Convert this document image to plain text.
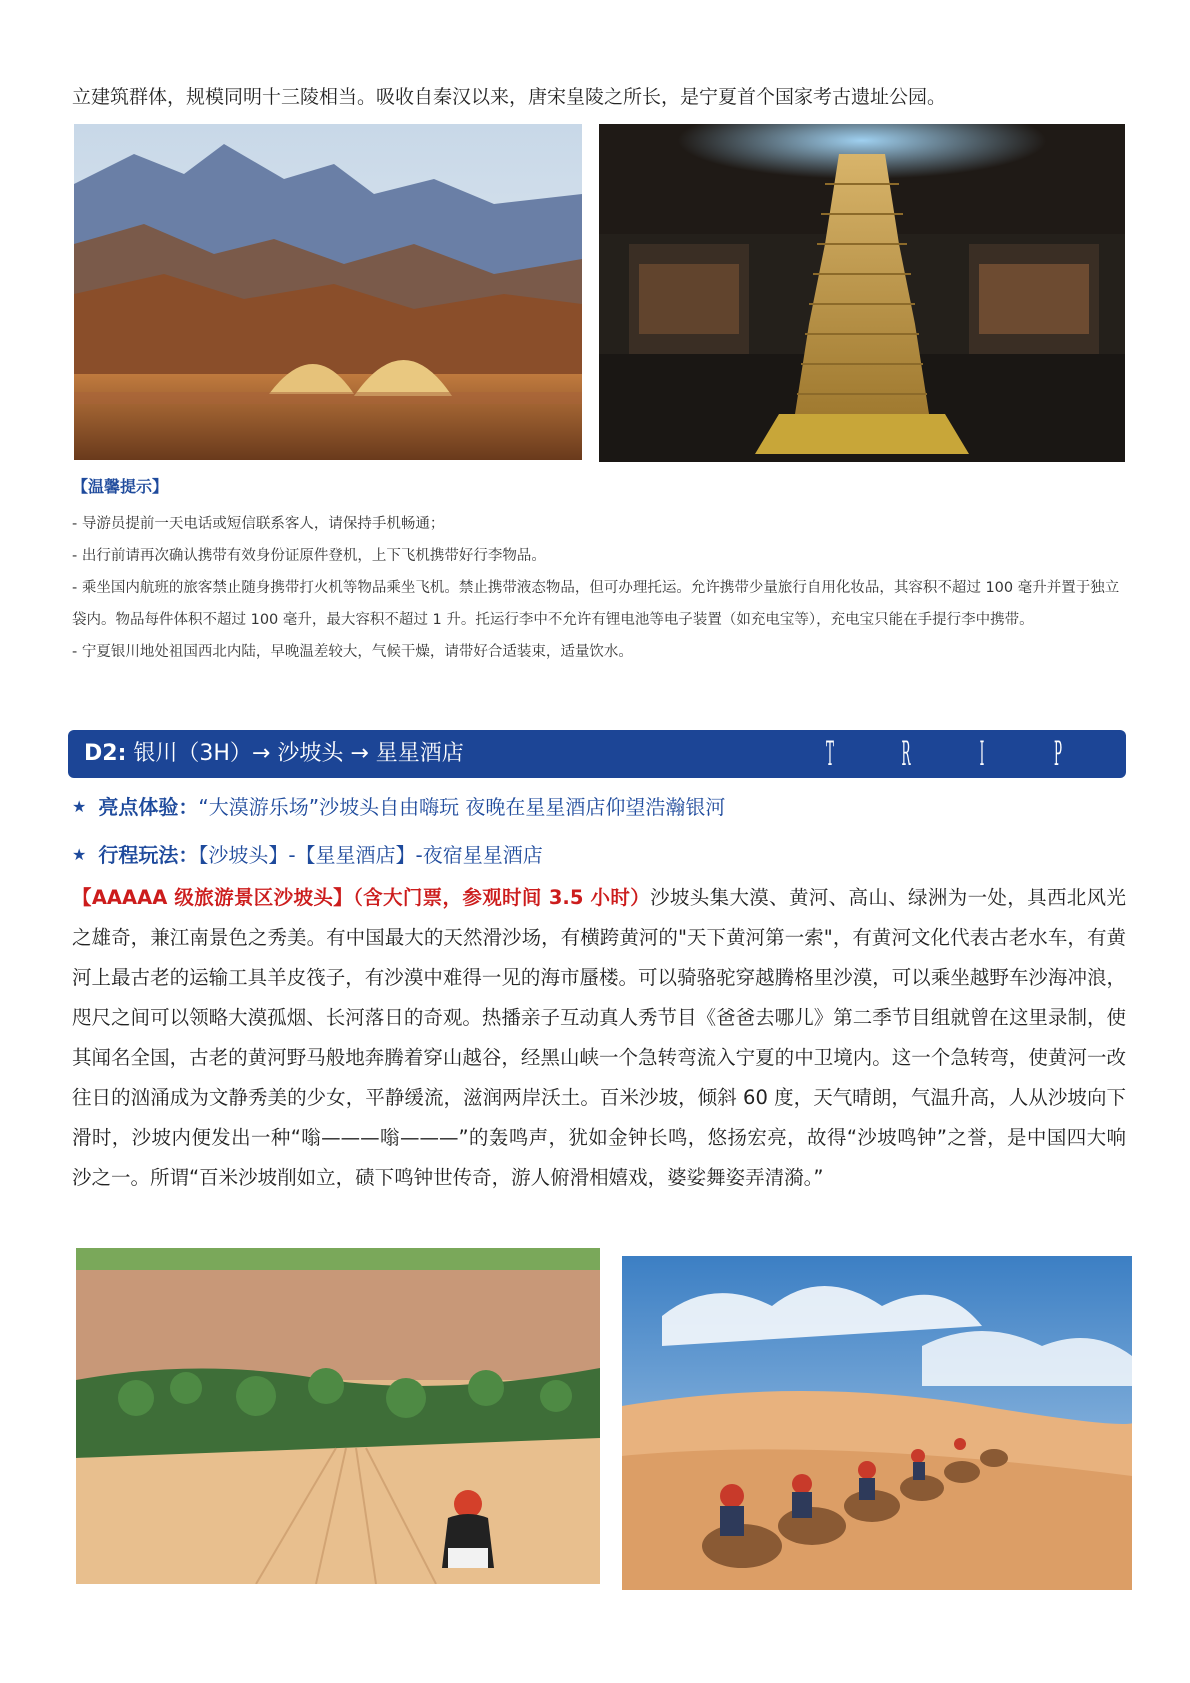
立建筑群体，规模同明十三陵相当。吸收自秦汉以来，唐宋皇陵之所长，是宁夏首个国家考古遗址公园。
【温馨提示】

- 导游员提前一天电话或短信联系客人，请保持手机畅通；

- 出行前请再次确认携带有效身份证原件登机，上下飞机携带好行李物品。

- 乘坐国内航班的旅客禁止随身携带打火机等物品乘坐飞机。禁止携带液态物品，但可办理托运。允许携带少量旅行自用化妆品，其容积不超过 100 毫升并置于独立袋内。物品每件体积不超过 100 毫升，最大容积不超过 1 升。托运行李中不允许有锂电池等电子装置（如充电宝等），充电宝只能在手提行李中携带。

- 宁夏银川地处祖国西北内陆，早晚温差较大，气候干燥，请带好合适装束，适量饮水。

D2: 银川（3H）→ 沙坡头 → 星星酒店	T R	I	P
★ 亮点体验：“大漠游乐场”沙坡头自由嗨玩 夜晚在星星酒店仰望浩瀚银河
★ 行程玩法：【沙坡头】-【星星酒店】-夜宿星星酒店
【AAAAA 级旅游景区沙坡头】（含大门票，参观时间 3.5 小时）沙坡头集大漠、黄河、高山、绿洲为一处，具西北风光之雄奇，兼江南景色之秀美。有中国最大的天然滑沙场，有横跨黄河的"天下黄河第一索"，有黄河文化代表古老水车，有黄河上最古老的运输工具羊皮筏子，有沙漠中难得一见的海市蜃楼。可以骑骆驼穿越腾格里沙漠，可以乘坐越野车沙海冲浪，咫尺之间可以领略大漠孤烟、长河落日的奇观。热播亲子互动真人秀节目《爸爸去哪儿》第二季节目组就曾在这里录制，使其闻名全国，古老的黄河野马般地奔腾着穿山越谷，经黑山峡一个急转弯流入宁夏的中卫境内。这一个急转弯，使黄河一改往日的汹涌成为文静秀美的少女，平静缓流，滋润两岸沃土。百米沙坡，倾斜 60 度，天气晴朗，气温升高，人从沙坡向下滑时，沙坡内便发出一种“嗡———嗡———”的轰鸣声，犹如金钟长鸣，悠扬宏亮，故得“沙坡鸣钟”之誉，是中国四大响沙之一。所谓“百米沙坡削如立，碛下鸣钟世传奇，游人俯滑相嬉戏，婆娑舞姿弄清漪。”
